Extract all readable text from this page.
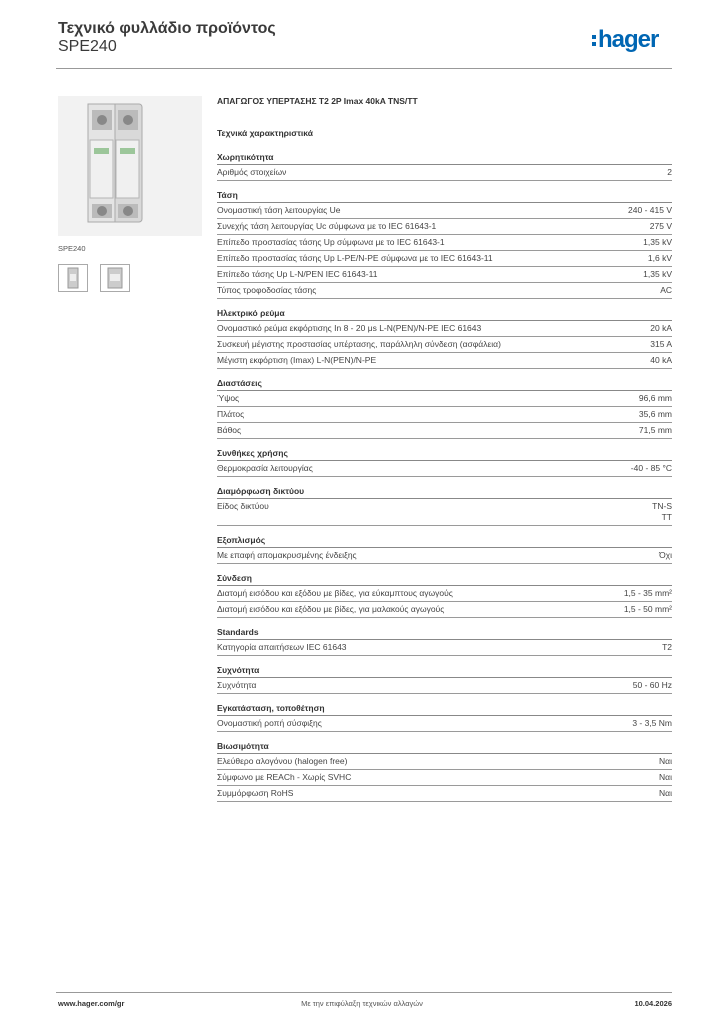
Τεχνικό φυλλάδιο προϊόντος
SPE240	hager
SPE240
ΑΠΑΓΩΓΟΣ ΥΠΕΡΤΑΣΗΣ Τ2 2P Imax 40kA TNS/TT
Τεχνικά χαρακτηριστικά
Χωρητικότητα
Αριθμός στοιχείων	2
Τάση
Ονομαστική τάση λειτουργίας Ue	240 - 415 V
Συνεχής τάση λειτουργίας Uc σύμφωνα με το IEC 61643-1	275 V
Επίπεδο προστασίας τάσης Up σύμφωνα με το IEC 61643-1	1,35 kV
Επίπεδο προστασίας τάσης Up L-PE/N-PE σύμφωνα με το IEC 61643-11	1,6 kV
Επίπεδο τάσης Up L-N/PEN IEC 61643-11	1,35 kV
Τύπος τροφοδοσίας τάσης	AC
Ηλεκτρικό ρεύμα
Ονομαστικό ρεύμα εκφόρτισης In 8 - 20 μs L-N(PEN)/N-PE IEC 61643	20 kA
Συσκευή μέγιστης προστασίας υπέρτασης, παράλληλη σύνδεση (ασφάλεια)	315 A
Μέγιστη εκφόρτιση (Imax) L-N(PEN)/N-PE	40 kA
Διαστάσεις
Ύψος	96,6 mm
Πλάτος	35,6 mm
Βάθος	71,5 mm
Συνθήκες χρήσης
Θερμοκρασία λειτουργίας	-40 - 85 °C
Διαμόρφωση δικτύου
Είδος δικτύου	TN-S
TT
Εξοπλισμός
Με επαφή απομακρυσμένης ένδειξης	Όχι
Σύνδεση
Διατομή εισόδου και εξόδου με βίδες, για εύκαμπτους αγωγούς	1,5 - 35 mm²
Διατομή εισόδου και εξόδου με βίδες, για μαλακούς αγωγούς	1,5 - 50 mm²
Standards
Κατηγορία απαιτήσεων IEC 61643	T2
Συχνότητα
Συχνότητα	50 - 60 Hz
Εγκατάσταση, τοποθέτηση
Ονομαστική ροπή σύσφιξης	3 - 3,5 Nm
Βιωσιμότητα
Ελεύθερο αλογόνου (halogen free)	Ναι
Σύμφωνο με REACh - Χωρίς SVHC	Ναι
Συμμόρφωση RoHS	Ναι
www.hager.com/gr	Με την επιφύλαξη τεχνικών αλλαγών	10.04.2026
